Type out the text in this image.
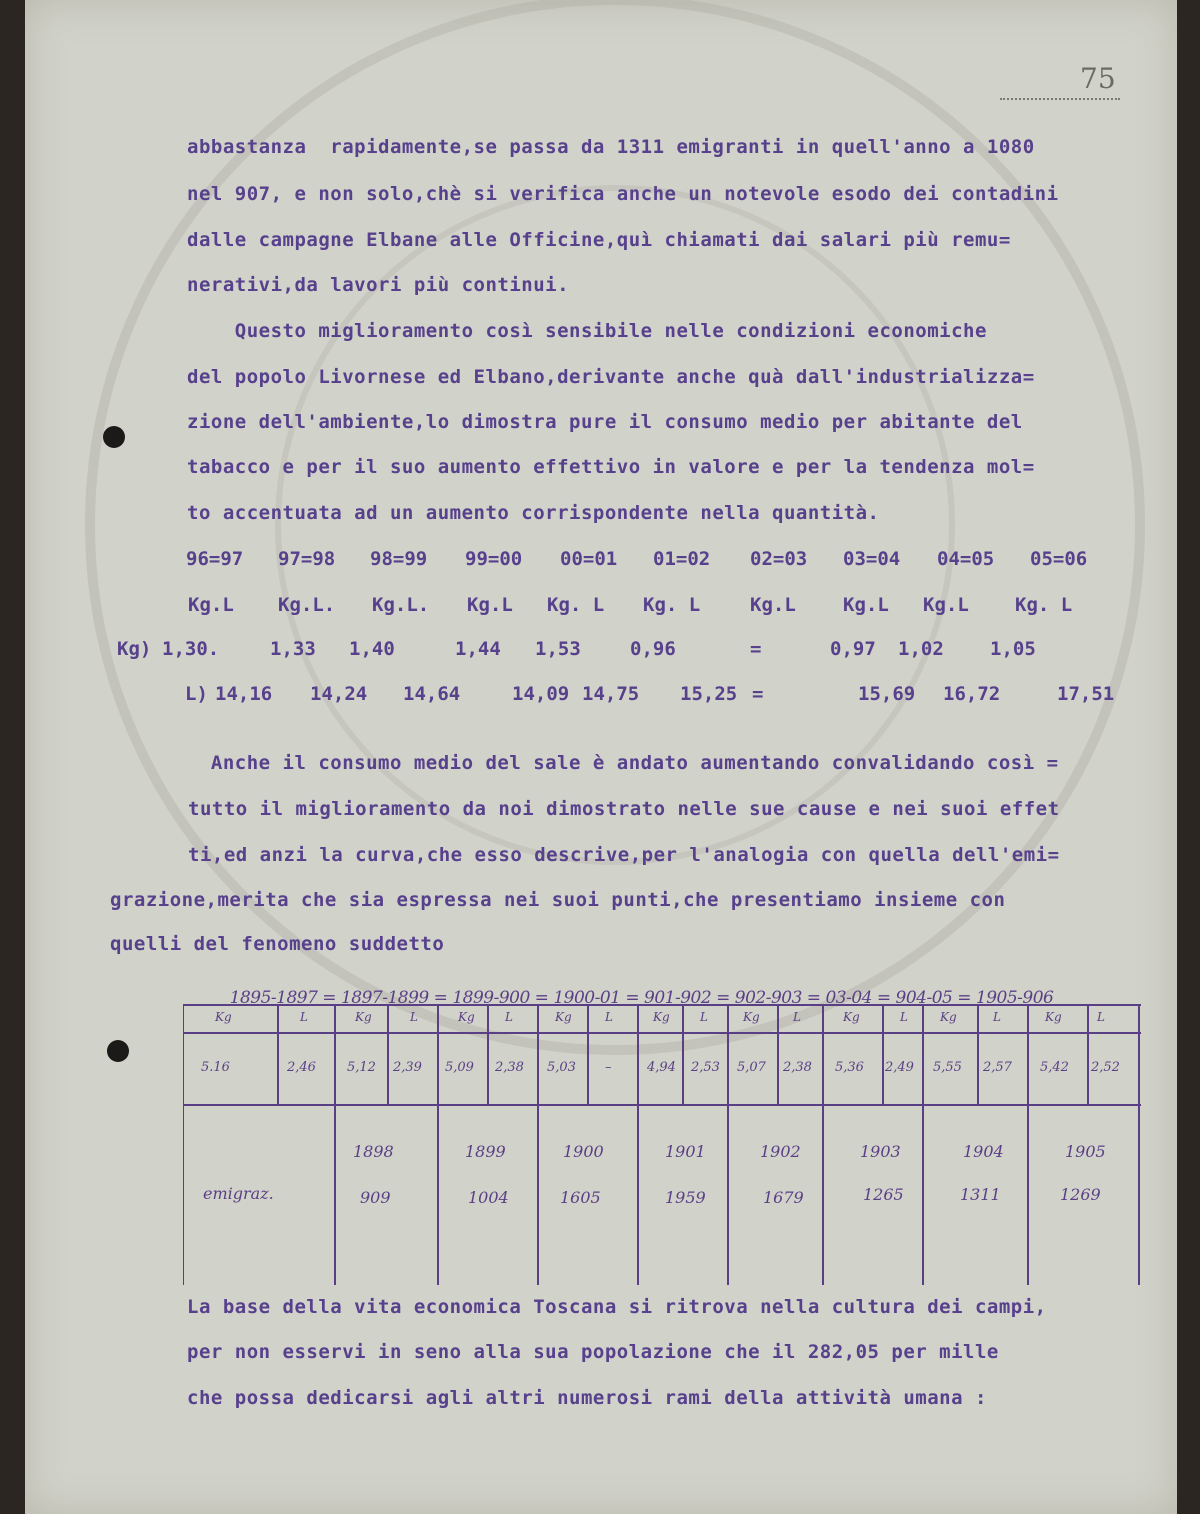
75
abbastanza  rapidamente,se passa da 1311 emigranti in quell'anno a 1080
nel 907, e non solo,chè si verifica anche un notevole esodo dei contadini
dalle campagne Elbane alle Officine,quì chiamati dai salari più remu=
nerativi,da lavori più continui.
Questo miglioramento così sensibile nelle condizioni economiche
del popolo Livornese ed Elbano,derivante anche quà dall'industrializza=
zione dell'ambiente,lo dimostra pure il consumo medio per abitante del
tabacco e per il suo aumento effettivo in valore e per la tendenza mol=
to accentuata ad un aumento corrispondente nella quantità.
96=97 97=98 98=99 99=00 00=01 01=02 02=03 03=04 04=05 05=06
Kg.L Kg.L. Kg.L. Kg.L Kg. L Kg. L	Kg.L Kg.L Kg.L Kg. L
Kg) 1,30.	1,33 1,40	1,44 1,53	0,96	=	0,97 1,02 1,05
L) 14,16 14,24 14,64	14,09 14,75 15,25 =	15,69 16,72	17,51
Anche il consumo medio del sale è andato aumentando convalidando così =
tutto il miglioramento da noi dimostrato nelle sue cause e nei suoi effet
ti,ed anzi la curva,che esso descrive,per l'analogia con quella dell'emi=
grazione,merita che sia espressa nei suoi punti,che presentiamo insieme con
quelli del fenomeno suddetto

1895-1897 = 1897-1899 = 1899-900 = 1900-01 = 901-902 = 902-903 = 03-04 = 904-05 = 1905-906

Kg	L	Kg	L	Kg	L	Kg	L	Kg	L	Kg	L	Kg	L	Kg	L	Kg	L
5.16	2,46 5,12 2,39 5,09 2,38 5,03 –	4,94 2,53 5,07 2,38 5,36 2,49 5,55 2,57 5,42 2,52
emigraz.
1898	1899	1900	1901	1902	1903	1904	1905
909	1004	1605	1959	1679	1265	1311	1269
La base della vita economica Toscana si ritrova nella cultura dei campi,
per non esservi in seno alla sua popolazione che il 282,05 per mille
che possa dedicarsi agli altri numerosi rami della attività umana :
